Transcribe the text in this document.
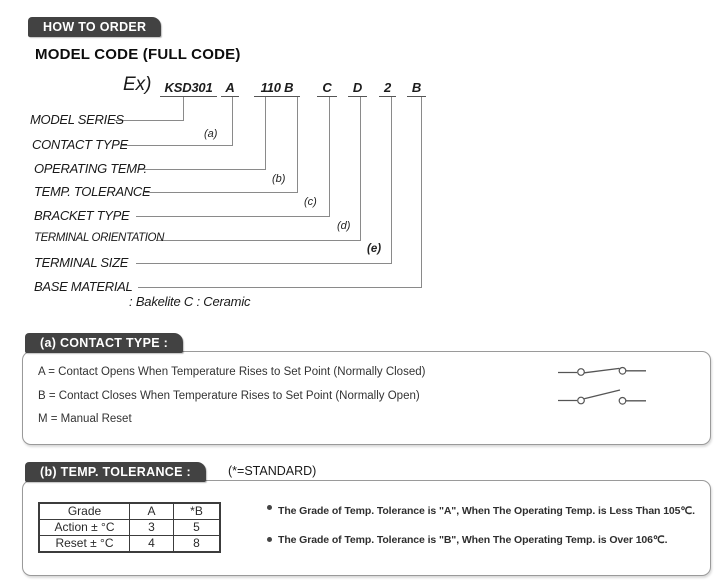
HOW TO ORDER
MODEL CODE (FULL CODE)
Ex)	KSD301 A	110 B	C	D	2	B
MODEL SERIES
CONTACT TYPE
OPERATING TEMP.
TEMP. TOLERANCE
BRACKET TYPE
TERMINAL ORIENTATION
TERMINAL SIZE
BASE MATERIAL
(a)
(b)
(c)
(d)
(e)
: Bakelite C : Ceramic
(a) CONTACT TYPE :
A = Contact Opens When Temperature Rises to Set Point (Normally Closed)
B = Contact Closes When Temperature Rises to Set Point (Normally Open)
M = Manual Reset
(b) TEMP. TOLERANCE :	(*=STANDARD)
Grade	A	*B
Action ± °C	3	5
Reset ± °C	4	8
The Grade of Temp. Tolerance is "A", When The Operating Temp. is Less Than 105℃.
The Grade of Temp. Tolerance is "B", When The Operating Temp. is Over 106℃.
